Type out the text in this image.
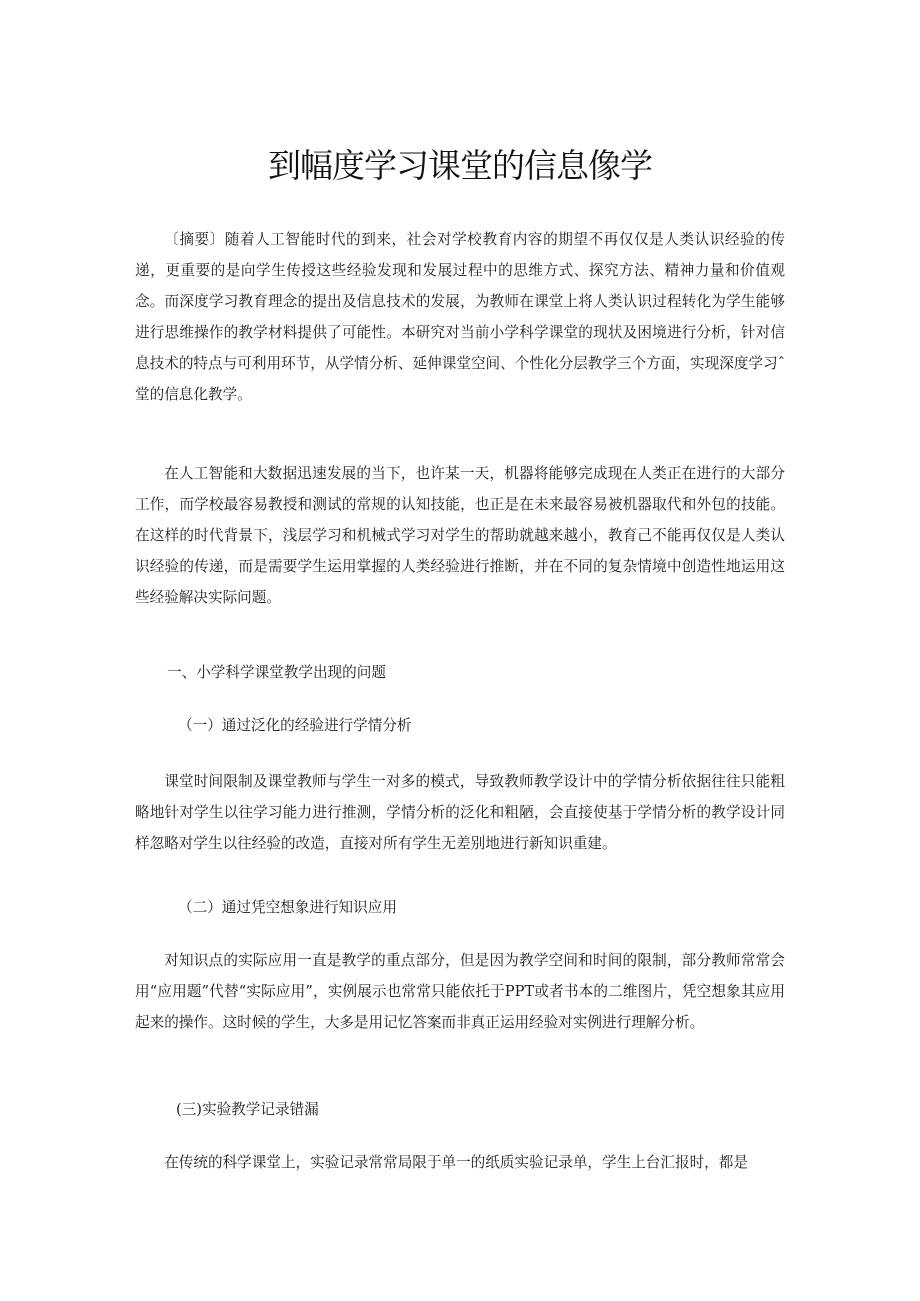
到幅度学习课堂的信息像学

〔摘要〕随着人工智能时代的到来，社会对学校教育内容的期望不再仅仅是人类认识经验的传递，更重要的是向学生传授这些经验发现和发展过程中的思维方式、探究方法、精神力量和价值观念。而深度学习教育理念的提出及信息技术的发展，为教师在课堂上将人类认识过程转化为学生能够进行思维操作的教学材料提供了可能性。本研究对当前小学科学课堂的现状及困境进行分析，针对信息技术的特点与可利用环节，从学情分析、延伸课堂空间、个性化分层教学三个方面，实现深度学习ˆ堂的信息化教学。

在人工智能和大数据迅速发展的当下，也许某一天，机器将能够完成现在人类正在进行的大部分工作，而学校最容易教授和测试的常规的认知技能，也正是在未来最容易被机器取代和外包的技能。在这样的时代背景下，浅层学习和机械式学习对学生的帮助就越来越小，教育己不能再仅仅是人类认识经验的传递，而是需要学生运用掌握的人类经验进行推断，并在不同的复杂情境中创造性地运用这些经验解决实际问题。

一、小学科学课堂教学出现的问题
（一）通过泛化的经验进行学情分析

课堂时间限制及课堂教师与学生一对多的模式，导致教师教学设计中的学情分析依据往往只能粗略地针对学生以往学习能力进行推测，学情分析的泛化和粗陋，会直接使基于学情分析的教学设计同样忽略对学生以往经验的改造，直接对所有学生无差别地进行新知识重建。

（二）通过凭空想象进行知识应用

对知识点的实际应用一直是教学的重点部分，但是因为教学空间和时间的限制，部分教师常常会用“应用题”代替“实际应用”，实例展示也常常只能依托于PPT或者书本的二维图片，凭空想象其应用起来的操作。这时候的学生，大多是用记忆答案而非真正运用经验对实例进行理解分析。

(三)实验教学记录错漏

在传统的科学课堂上，实验记录常常局限于单一的纸质实验记录单，学生上台汇报时，都是
